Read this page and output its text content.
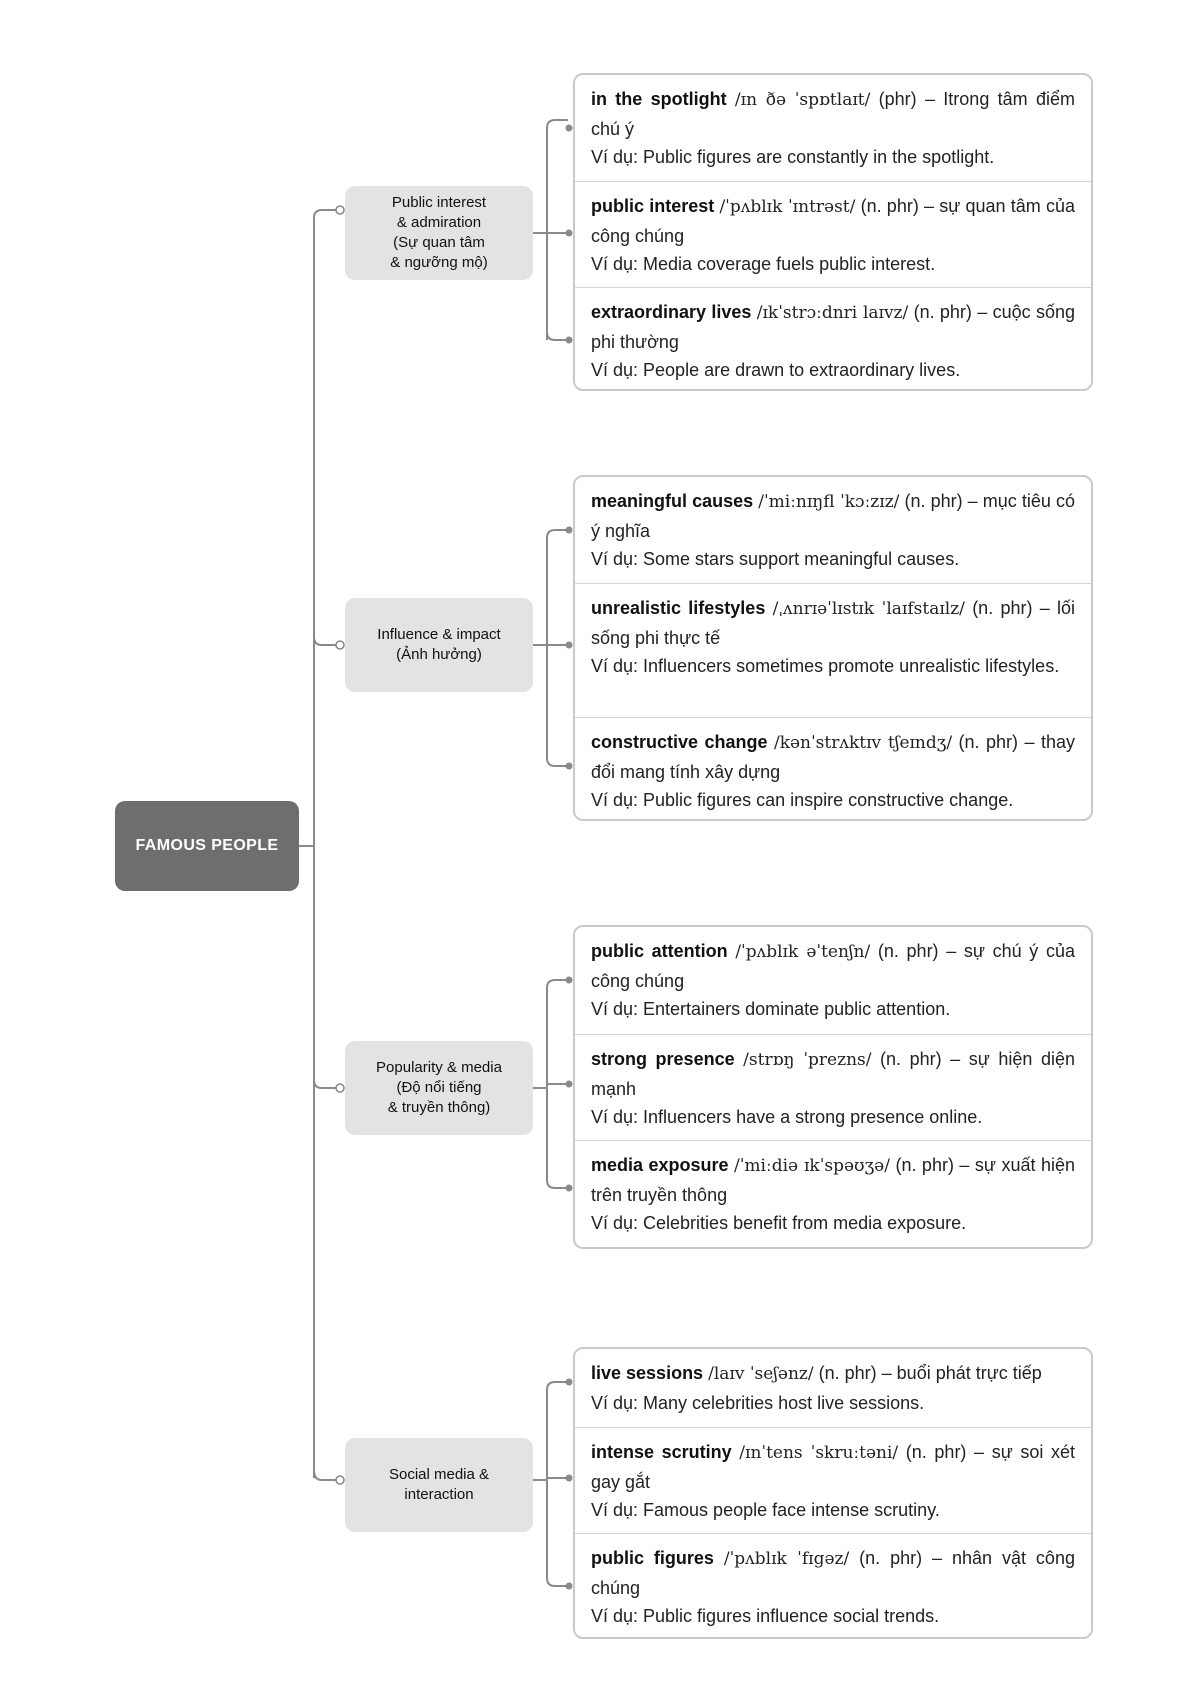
FAMOUS PEOPLE
Public interest
& admiration
(Sự quan tâm
& ngưỡng mộ)
in the spotlight /ɪn ðə ˈspɒtlaɪt/ (phr) – Itrong tâm điểm chú ý
Ví dụ: Public figures are constantly in the spotlight.
public interest /ˈpʌblɪk ˈɪntrəst/ (n. phr) – sự quan tâm của công chúng
Ví dụ: Media coverage fuels public interest.
extraordinary lives /ɪkˈstrɔːdnri laɪvz/ (n. phr) – cuộc sống phi thường
Ví dụ: People are drawn to extraordinary lives.
Influence & impact
(Ảnh hưởng)
meaningful causes /ˈmiːnɪŋfl ˈkɔːzɪz/ (n. phr) – mục tiêu có ý nghĩa
Ví dụ: Some stars support meaningful causes.
unrealistic lifestyles /ˌʌnrɪəˈlɪstɪk ˈlaɪfstaɪlz/ (n. phr) – lối sống phi thực tế
Ví dụ: Influencers sometimes promote unrealistic lifestyles.
constructive change /kənˈstrʌktɪv tʃeɪndʒ/ (n. phr) – thay đổi mang tính xây dựng
Ví dụ: Public figures can inspire constructive change.
Popularity & media
(Độ nổi tiếng
& truyền thông)
public attention /ˈpʌblɪk əˈtenʃn/ (n. phr) – sự chú ý của công chúng
Ví dụ: Entertainers dominate public attention.
strong presence /strɒŋ ˈprezns/ (n. phr) – sự hiện diện mạnh
Ví dụ: Influencers have a strong presence online.
media exposure /ˈmiːdiə ɪkˈspəʊʒə/ (n. phr) – sự xuất hiện trên truyền thông
Ví dụ: Celebrities benefit from media exposure.
Social media &
interaction
live sessions /laɪv ˈseʃənz/ (n. phr) – buổi phát trực tiếp
Ví dụ: Many celebrities host live sessions.
intense scrutiny /ɪnˈtens ˈskruːtəni/ (n. phr) – sự soi xét gay gắt
Ví dụ: Famous people face intense scrutiny.
public figures /ˈpʌblɪk ˈfɪgəz/ (n. phr) – nhân vật công chúng
Ví dụ: Public figures influence social trends.
